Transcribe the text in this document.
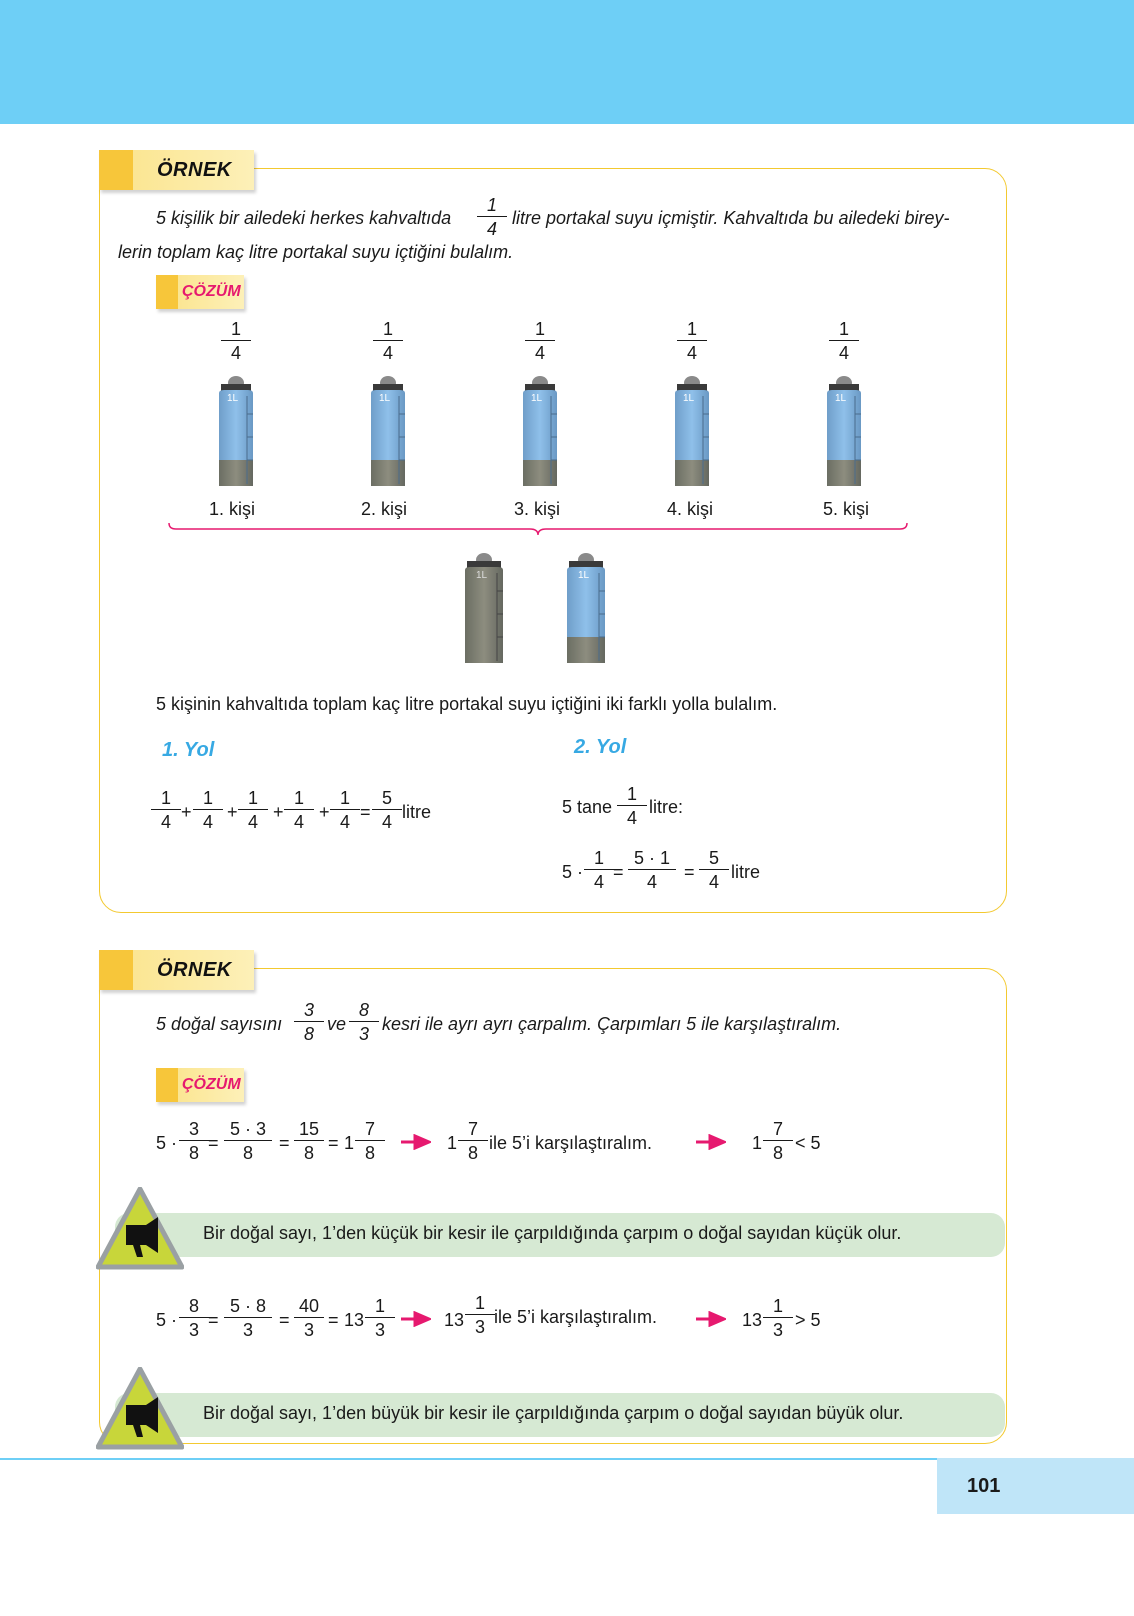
ÖRNEK
5 kişilik bir ailedeki herkes kahvaltıda
1
4
litre portakal suyu içmiştir. Kahvaltıda bu ailedeki birey-
lerin toplam kaç litre portakal suyu içtiğini bulalım.
ÇÖZÜM
1
4
1
4
1
4
1
4
1
4
1L	1L	1L	1L	1L
1. kişi	2. kişi	3. kişi	4. kişi	5. kişi
1L	1L
5 kişinin kahvaltıda toplam kaç litre portakal suyu içtiğini iki farklı yolla bulalım.
1. Yol
1
4 +
1
4 +
1
4 +
1
4 +
1
4 =
5
4 litre
2. Yol
5 tane
1
4
litre:
5 ·
1
4 =
5 · 1
4	=
5
4 litre
ÖRNEK
5 doğal sayısını
3
8 ve
8
3 kesri ile ayrı ayrı çarpalım. Çarpımları 5 ile karşılaştıralım.
ÇÖZÜM
5 ·
3
8 =
5 · 3
8	=
15
8 = 1
7
8	1
7
8 ile 5’i karşılaştıralım.	1
7
8 < 5
Bir doğal sayı, 1’den küçük bir kesir ile çarpıldığında çarpım o doğal sayıdan küçük olur.
5 ·
8
3 =
5 · 8
3	=
40
3 = 13
1
3	13
1
3 ile 5’i karşılaştıralım.	13
1
3 > 5
Bir doğal sayı, 1’den büyük bir kesir ile çarpıldığında çarpım o doğal sayıdan büyük olur.
101
